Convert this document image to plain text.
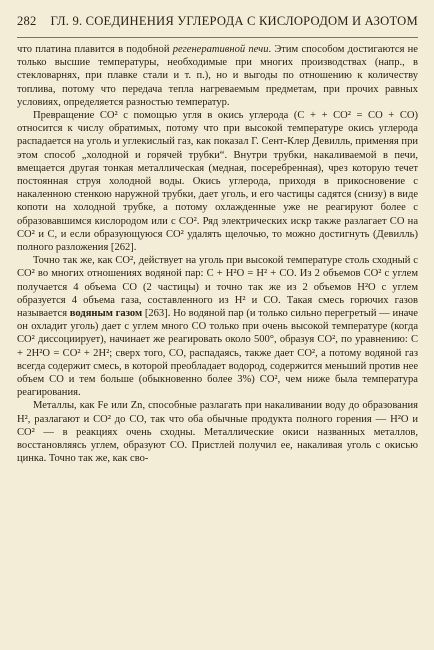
282 ГЛ. 9. СОЕДИНЕНИЯ УГЛЕРОДА С КИСЛОРОДОМ И АЗОТОМ

что платина плавится в подобной регенеративной печи. Этим способом достигаются не только высшие температуры, необходимые при многих производствах (напр., в стекловарнях, при плавке стали и т. п.), но и выгоды по отношению к количеству топлива, потому что передача тепла нагреваемым предметам, при прочих равных условиях, определяется разностью температур.

Превращение CO² с помощью угля в окись углерода (C + + CO² = CO + CO) относится к числу обратимых, потому что при высокой температуре окись углерода распадается на уголь и углекислый газ, как показал Г. Сент-Клер Девилль, применяя при этом способ „холодной и горячей трубки“. Внутри трубки, накаливаемой в печи, вмещается другая тонкая металлическая (медная, посеребренная), чрез которую течет постоянная струя холодной воды. Окись углерода, приходя в прикосновение с накаленною стенкою наружной трубки, дает уголь, и его частицы садятся (снизу) в виде копоти на холодной трубке, а потому охлажденные уже не реагируют более с образовавшимся кислородом или с CO². Ряд электрических искр также разлагает CO на CO² и C, и если образующуюся CO² удалять щелочью, то можно достигнуть (Девилль) полного разложения [262].

Точно так же, как CO², действует на уголь при высокой температуре столь сходный с CO² во многих отношениях водяной пар: C + H²O = H² + CO. Из 2 объемов CO² с углем получается 4 объема CO (2 частицы) и точно так же из 2 объемов H²O с углем образуется 4 объема газа, составленного из H² и CO. Такая смесь горючих газов называется водяным газом [263]. Но водяной пар (и только сильно перегретый — иначе он охладит уголь) дает с углем много CO только при очень высокой температуре (когда CO² диссоциирует), начинает же реагировать около 500°, образуя CO², по уравнению: C + 2H²O = CO² + 2H²; сверх того, CO, распадаясь, также дает CO², а потому водяной газ всегда содержит смесь, в которой преобладает водород, содержится меньший против нее объем CO и тем больше (обыкновенно более 3%) CO², чем ниже была температура реагирования.

Металлы, как Fe или Zn, способные разлагать при накаливании воду до образования H², разлагают и CO² до CO, так что оба обычные продукта полного горения — H²O и CO² — в реакциях очень сходны. Металлические окиси названных металлов, восстановляясь углем, образуют CO. Пристлей получил ее, накаливая уголь с окисью цинка. Точно так же, как сво-
